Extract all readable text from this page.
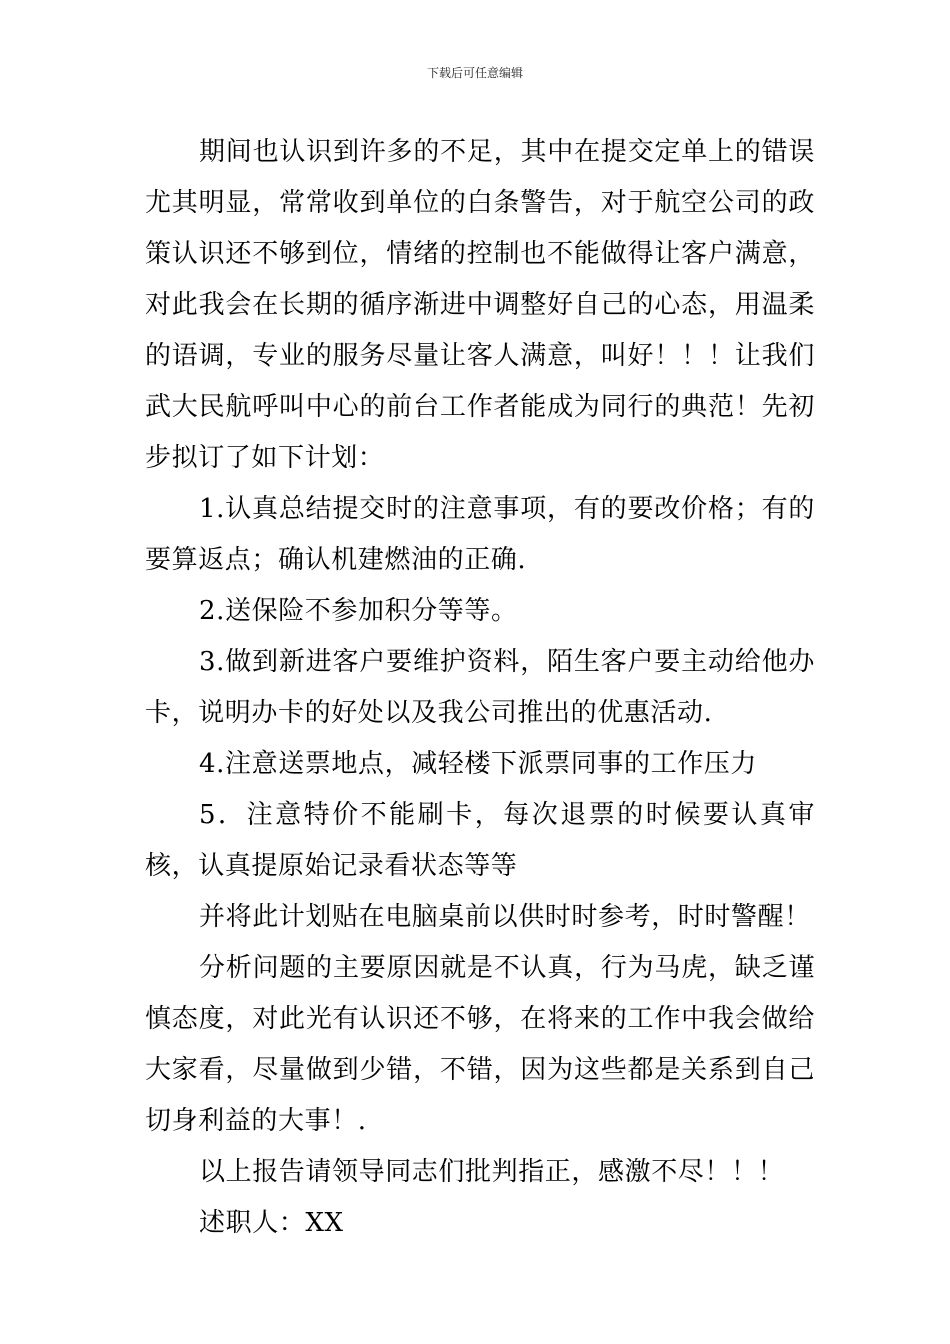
下载后可任意编辑

期间也认识到许多的不足，其中在提交定单上的错误尤其明显，常常收到单位的白条警告，对于航空公司的政策认识还不够到位，情绪的控制也不能做得让客户满意，对此我会在长期的循序渐进中调整好自己的心态，用温柔的语调，专业的服务尽量让客人满意，叫好！！！让我们武大民航呼叫中心的前台工作者能成为同行的典范！先初步拟订了如下计划：

1.认真总结提交时的注意事项，有的要改价格；有的要算返点；确认机建燃油的正确.

2.送保险不参加积分等等。

3.做到新进客户要维护资料，陌生客户要主动给他办卡，说明办卡的好处以及我公司推出的优惠活动.

4.注意送票地点，减轻楼下派票同事的工作压力

5．注意特价不能刷卡，每次退票的时候要认真审核，认真提原始记录看状态等等

并将此计划贴在电脑桌前以供时时参考，时时警醒！

分析问题的主要原因就是不认真，行为马虎，缺乏谨慎态度，对此光有认识还不够，在将来的工作中我会做给大家看，尽量做到少错，不错，因为这些都是关系到自己切身利益的大事！.

以上报告请领导同志们批判指正，感激不尽！！！

述职人：XX
